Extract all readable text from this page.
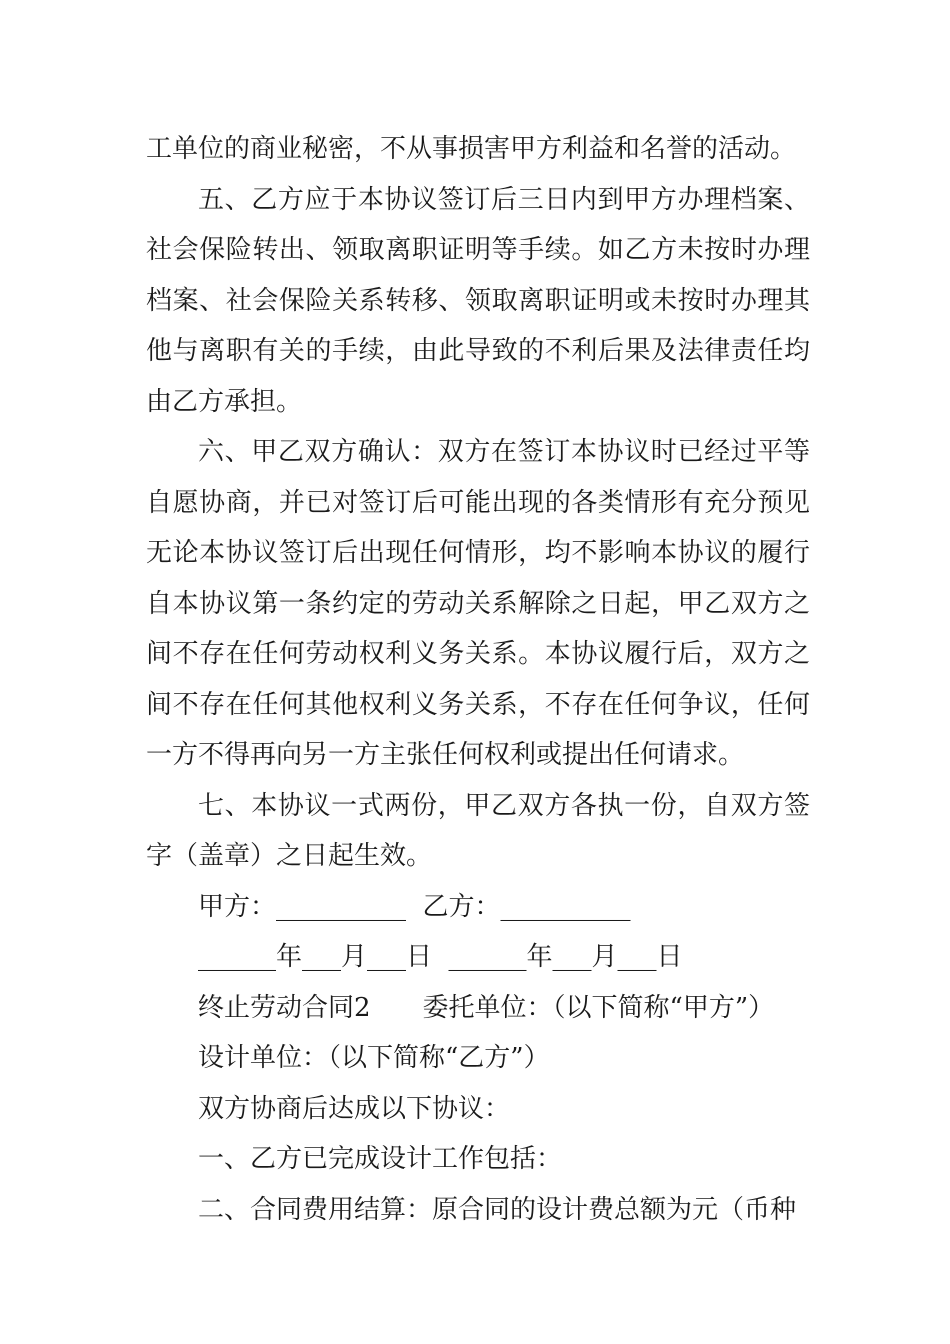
工单位的商业秘密，不从事损害甲方利益和名誉的活动。

五、乙方应于本协议签订后三日内到甲方办理档案、社会保险转出、领取离职证明等手续。如乙方未按时办理档案、社会保险关系转移、领取离职证明或未按时办理其他与离职有关的手续，由此导致的不利后果及法律责任均由乙方承担。

六、甲乙双方确认：双方在签订本协议时已经过平等自愿协商，并已对签订后可能出现的各类情形有充分预见无论本协议签订后出现任何情形，均不影响本协议的履行自本协议第一条约定的劳动关系解除之日起，甲乙双方之间不存在任何劳动权利义务关系。本协议履行后，双方之间不存在任何其他权利义务关系，不存在任何争议，任何一方不得再向另一方主张任何权利或提出任何请求。

七、本协议一式两份，甲乙双方各执一份，自双方签字（盖章）之日起生效。

甲方：__________  乙方：__________

______年___月___日  ______年___月___日

终止劳动合同2　　委托单位：（以下简称“甲方”）

设计单位：（以下简称“乙方”）

双方协商后达成以下协议：

一、乙方已完成设计工作包括：

二、合同费用结算：原合同的设计费总额为元（币种
